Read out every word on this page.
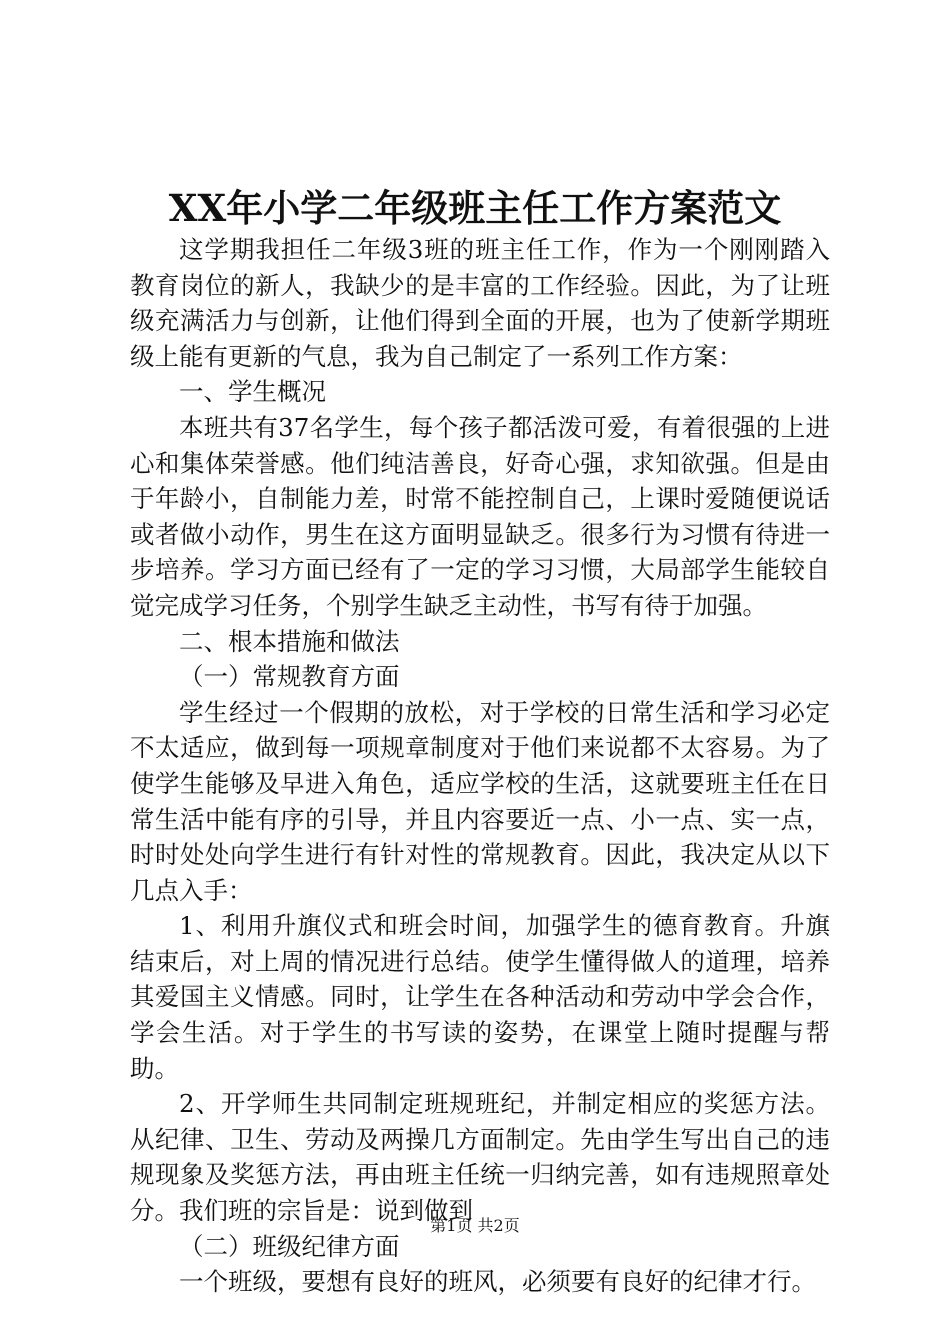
XX年小学二年级班主任工作方案范文

这学期我担任二年级3班的班主任工作，作为一个刚刚踏入教育岗位的新人，我缺少的是丰富的工作经验。因此，为了让班级充满活力与创新，让他们得到全面的开展，也为了使新学期班级上能有更新的气息，我为自己制定了一系列工作方案：

一、学生概况

本班共有37名学生，每个孩子都活泼可爱，有着很强的上进心和集体荣誉感。他们纯洁善良，好奇心强，求知欲强。但是由于年龄小，自制能力差，时常不能控制自己，上课时爱随便说话或者做小动作，男生在这方面明显缺乏。很多行为习惯有待进一步培养。学习方面已经有了一定的学习习惯，大局部学生能较自觉完成学习任务，个别学生缺乏主动性，书写有待于加强。

二、根本措施和做法

（一）常规教育方面

学生经过一个假期的放松，对于学校的日常生活和学习必定不太适应，做到每一项规章制度对于他们来说都不太容易。为了使学生能够及早进入角色，适应学校的生活，这就要班主任在日常生活中能有序的引导，并且内容要近一点、小一点、实一点，时时处处向学生进行有针对性的常规教育。因此，我决定从以下几点入手：

1、利用升旗仪式和班会时间，加强学生的德育教育。升旗结束后，对上周的情况进行总结。使学生懂得做人的道理，培养其爱国主义情感。同时，让学生在各种活动和劳动中学会合作，学会生活。对于学生的书写读的姿势，在课堂上随时提醒与帮助。

2、开学师生共同制定班规班纪，并制定相应的奖惩方法。从纪律、卫生、劳动及两操几方面制定。先由学生写出自己的违规现象及奖惩方法，再由班主任统一归纳完善，如有违规照章处分。我们班的宗旨是：说到做到

（二）班级纪律方面

一个班级，要想有良好的班风，必须要有良好的纪律才行。

第1页 共2页
